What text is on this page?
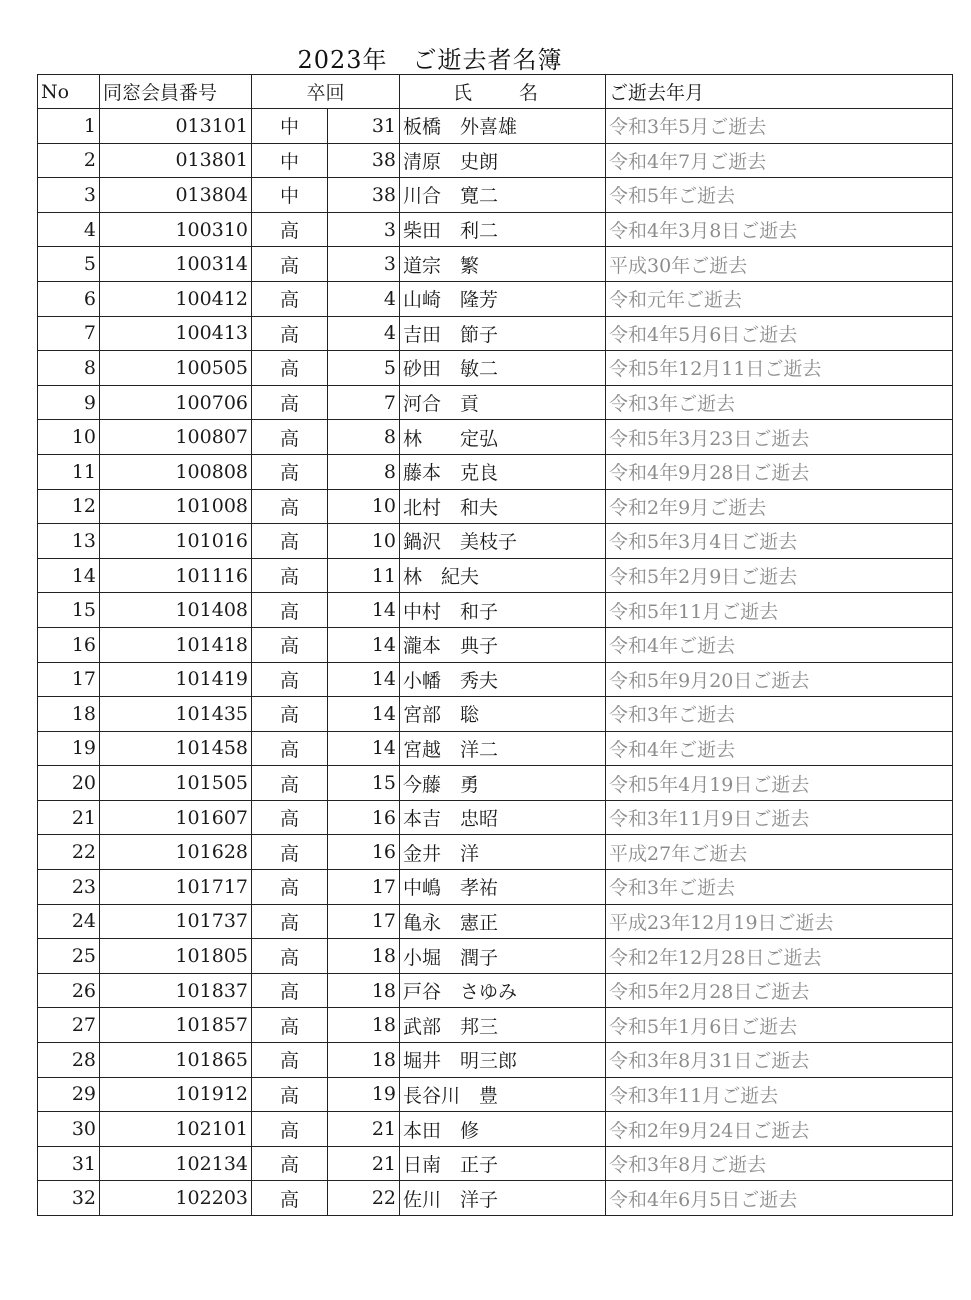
2023年　ご逝去者名簿
No	同窓会員番号	卒回		氏　名	ご逝去年月
1	013101	中	31	板橋　外喜雄	令和3年5月ご逝去
2	013801	中	38	清原　史朗	令和4年7月ご逝去
3	013804	中	38	川合　寛二	令和5年ご逝去
4	100310	高	3	柴田　利二	令和4年3月8日ご逝去
5	100314	高	3	道宗　繁	平成30年ご逝去
6	100412	高	4	山崎　隆芳	令和元年ご逝去
7	100413	高	4	吉田　節子	令和4年5月6日ご逝去
8	100505	高	5	砂田　敏二	令和5年12月11日ご逝去
9	100706	高	7	河合　貢	令和3年ご逝去
10	100807	高	8	林　　定弘	令和5年3月23日ご逝去
11	100808	高	8	藤本　克良	令和4年9月28日ご逝去
12	101008	高	10	北村　和夫	令和2年9月ご逝去
13	101016	高	10	鍋沢　美枝子	令和5年3月4日ご逝去
14	101116	高	11	林　紀夫	令和5年2月9日ご逝去
15	101408	高	14	中村　和子	令和5年11月ご逝去
16	101418	高	14	瀧本　典子	令和4年ご逝去
17	101419	高	14	小幡　秀夫	令和5年9月20日ご逝去
18	101435	高	14	宮部　聡	令和3年ご逝去
19	101458	高	14	宮越　洋二	令和4年ご逝去
20	101505	高	15	今藤　勇	令和5年4月19日ご逝去
21	101607	高	16	本吉　忠昭	令和3年11月9日ご逝去
22	101628	高	16	金井　洋	平成27年ご逝去
23	101717	高	17	中嶋　孝祐	令和3年ご逝去
24	101737	高	17	亀永　憲正	平成23年12月19日ご逝去
25	101805	高	18	小堀　潤子	令和2年12月28日ご逝去
26	101837	高	18	戸谷　さゆみ	令和5年2月28日ご逝去
27	101857	高	18	武部　邦三	令和5年1月6日ご逝去
28	101865	高	18	堀井　明三郎	令和3年8月31日ご逝去
29	101912	高	19	長谷川　豊	令和3年11月ご逝去
30	102101	高	21	本田　修	令和2年9月24日ご逝去
31	102134	高	21	日南　正子	令和3年8月ご逝去
32	102203	高	22	佐川　洋子	令和4年6月5日ご逝去
